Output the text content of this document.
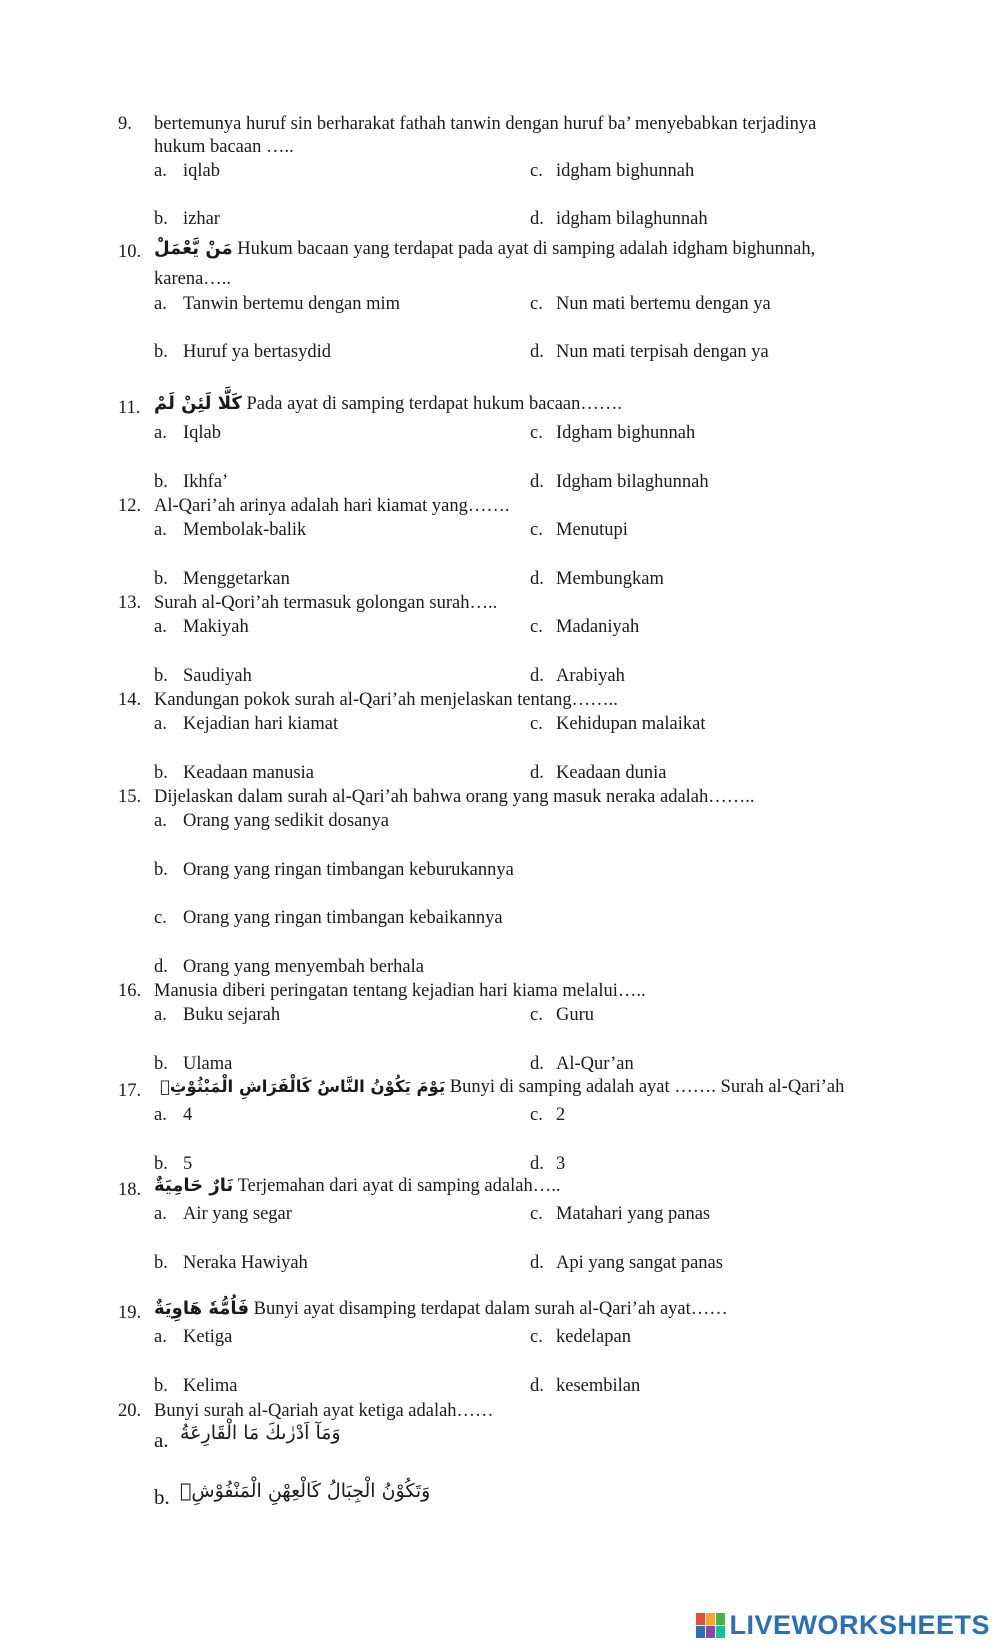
9. bertemunya huruf sin berharakat fathah tanwin dengan huruf ba’ menyebabkan terjadinya
hukum bacaan …..
a. iqlab	c. idgham bighunnah
b. izhar	d. idgham bilaghunnah
10. مَنْ يَّعْمَلْ Hukum bacaan yang terdapat pada ayat di samping adalah idgham bighunnah,
karena…..
a. Tanwin bertemu dengan mim	c. Nun mati bertemu dengan ya
b. Huruf ya bertasydid	d. Nun mati terpisah dengan ya
11. كَلَّا لَئِنْ لَمْ Pada ayat di samping terdapat hukum bacaan…….
a. Iqlab	c. Idgham bighunnah
b. Ikhfa’	d. Idgham bilaghunnah
12. Al-Qari’ah arinya adalah hari kiamat yang…….
a. Membolak-balik	c. Menutupi
b. Menggetarkan	d. Membungkam
13. Surah al-Qori’ah termasuk golongan surah…..
a. Makiyah	c. Madaniyah
b. Saudiyah	d. Arabiyah
14. Kandungan pokok surah al-Qari’ah menjelaskan tentang……..
a. Kejadian hari kiamat	c. Kehidupan malaikat
b. Keadaan manusia	d. Keadaan dunia
15. Dijelaskan dalam surah al-Qari’ah bahwa orang yang masuk neraka adalah……..
a. Orang yang sedikit dosanya
b. Orang yang ringan timbangan keburukannya
c. Orang yang ringan timbangan kebaikannya
d. Orang yang menyembah berhala
16. Manusia diberi peringatan tentang kejadian hari kiama melalui…..
a. Buku sejarah	c. Guru
b. Ulama	d. Al-Qur’an
17. يَوْمَ يَكُوْنُ النَّاسُ كَالْفَرَاشِ الْمَبْثُوْثِۙ Bunyi di samping adalah ayat ……. Surah al-Qari’ah
a. 4	c. 2
b. 5	d. 3
18. نَارٌ حَامِيَةٌ Terjemahan dari ayat di samping adalah…..
a. Air yang segar	c. Matahari yang panas
b. Neraka Hawiyah	d. Api yang sangat panas
19. فَاُمُّهٗ هَاوِيَةٌ Bunyi ayat disamping terdapat dalam surah al-Qari’ah ayat……
a. Ketiga	c. kedelapan
b. Kelima	d. kesembilan
20. Bunyi surah al-Qariah ayat ketiga adalah……
a. وَمَآ اَدْرٰىكَ مَا الْقَارِعَةُ
b. وَتَكُوْنُ الْجِبَالُ كَالْعِهْنِ الْمَنْفُوْشِۗ
LIVEWORKSHEETS
